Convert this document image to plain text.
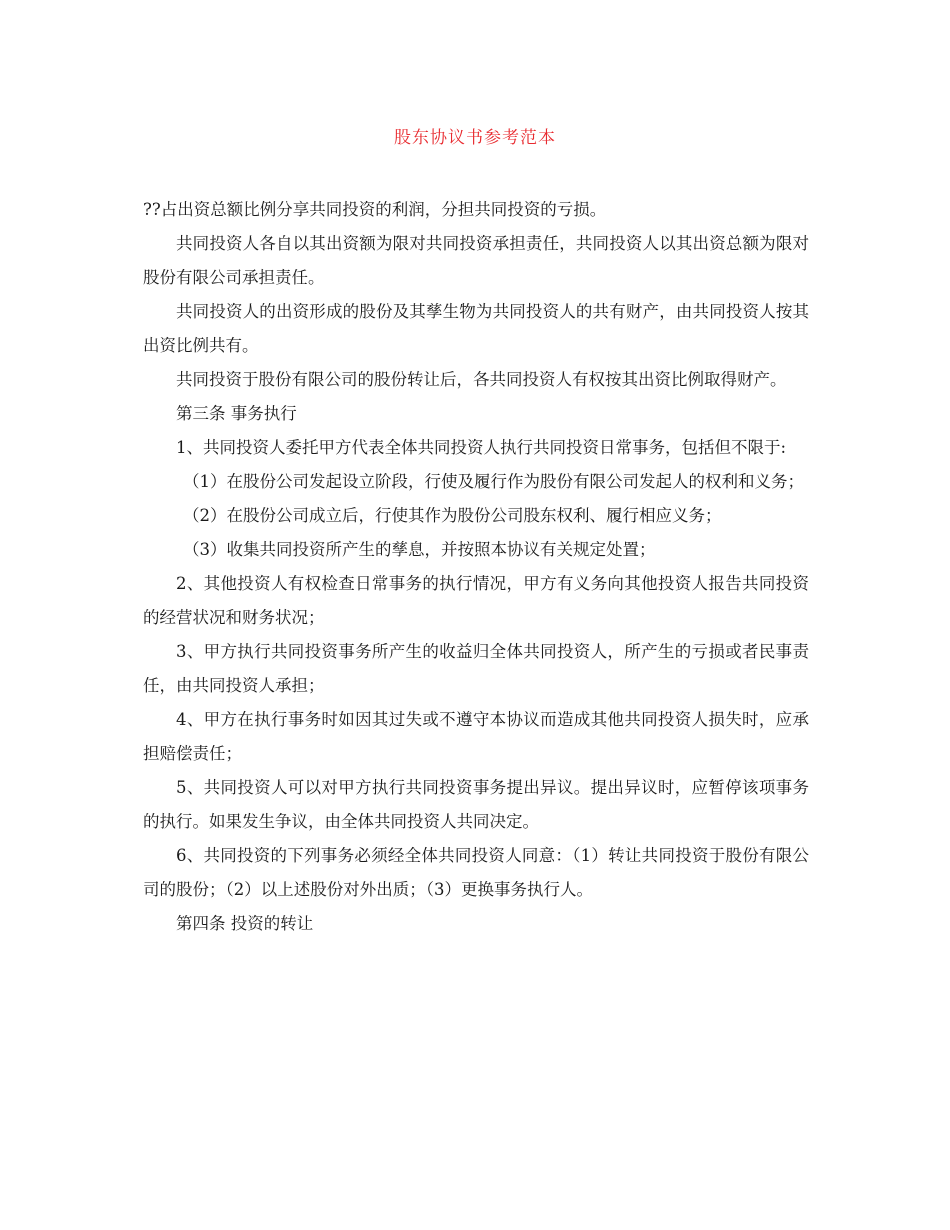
股东协议书参考范本

??占出资总额比例分享共同投资的利润，分担共同投资的亏损。

共同投资人各自以其出资额为限对共同投资承担责任，共同投资人以其出资总额为限对股份有限公司承担责任。

共同投资人的出资形成的股份及其孳生物为共同投资人的共有财产，由共同投资人按其出资比例共有。

共同投资于股份有限公司的股份转让后，各共同投资人有权按其出资比例取得财产。

第三条 事务执行

1、共同投资人委托甲方代表全体共同投资人执行共同投资日常事务，包括但不限于:

（1）在股份公司发起设立阶段，行使及履行作为股份有限公司发起人的权利和义务；

（2）在股份公司成立后，行使其作为股份公司股东权利、履行相应义务；

（3）收集共同投资所产生的孳息，并按照本协议有关规定处置；

2、其他投资人有权检查日常事务的执行情况，甲方有义务向其他投资人报告共同投资的经营状况和财务状况；

3、甲方执行共同投资事务所产生的收益归全体共同投资人，所产生的亏损或者民事责任，由共同投资人承担；

4、甲方在执行事务时如因其过失或不遵守本协议而造成其他共同投资人损失时，应承担赔偿责任；

5、共同投资人可以对甲方执行共同投资事务提出异议。提出异议时，应暂停该项事务的执行。如果发生争议，由全体共同投资人共同决定。

6、共同投资的下列事务必须经全体共同投资人同意：（1）转让共同投资于股份有限公司的股份；（2）以上述股份对外出质；（3）更换事务执行人。

第四条 投资的转让
